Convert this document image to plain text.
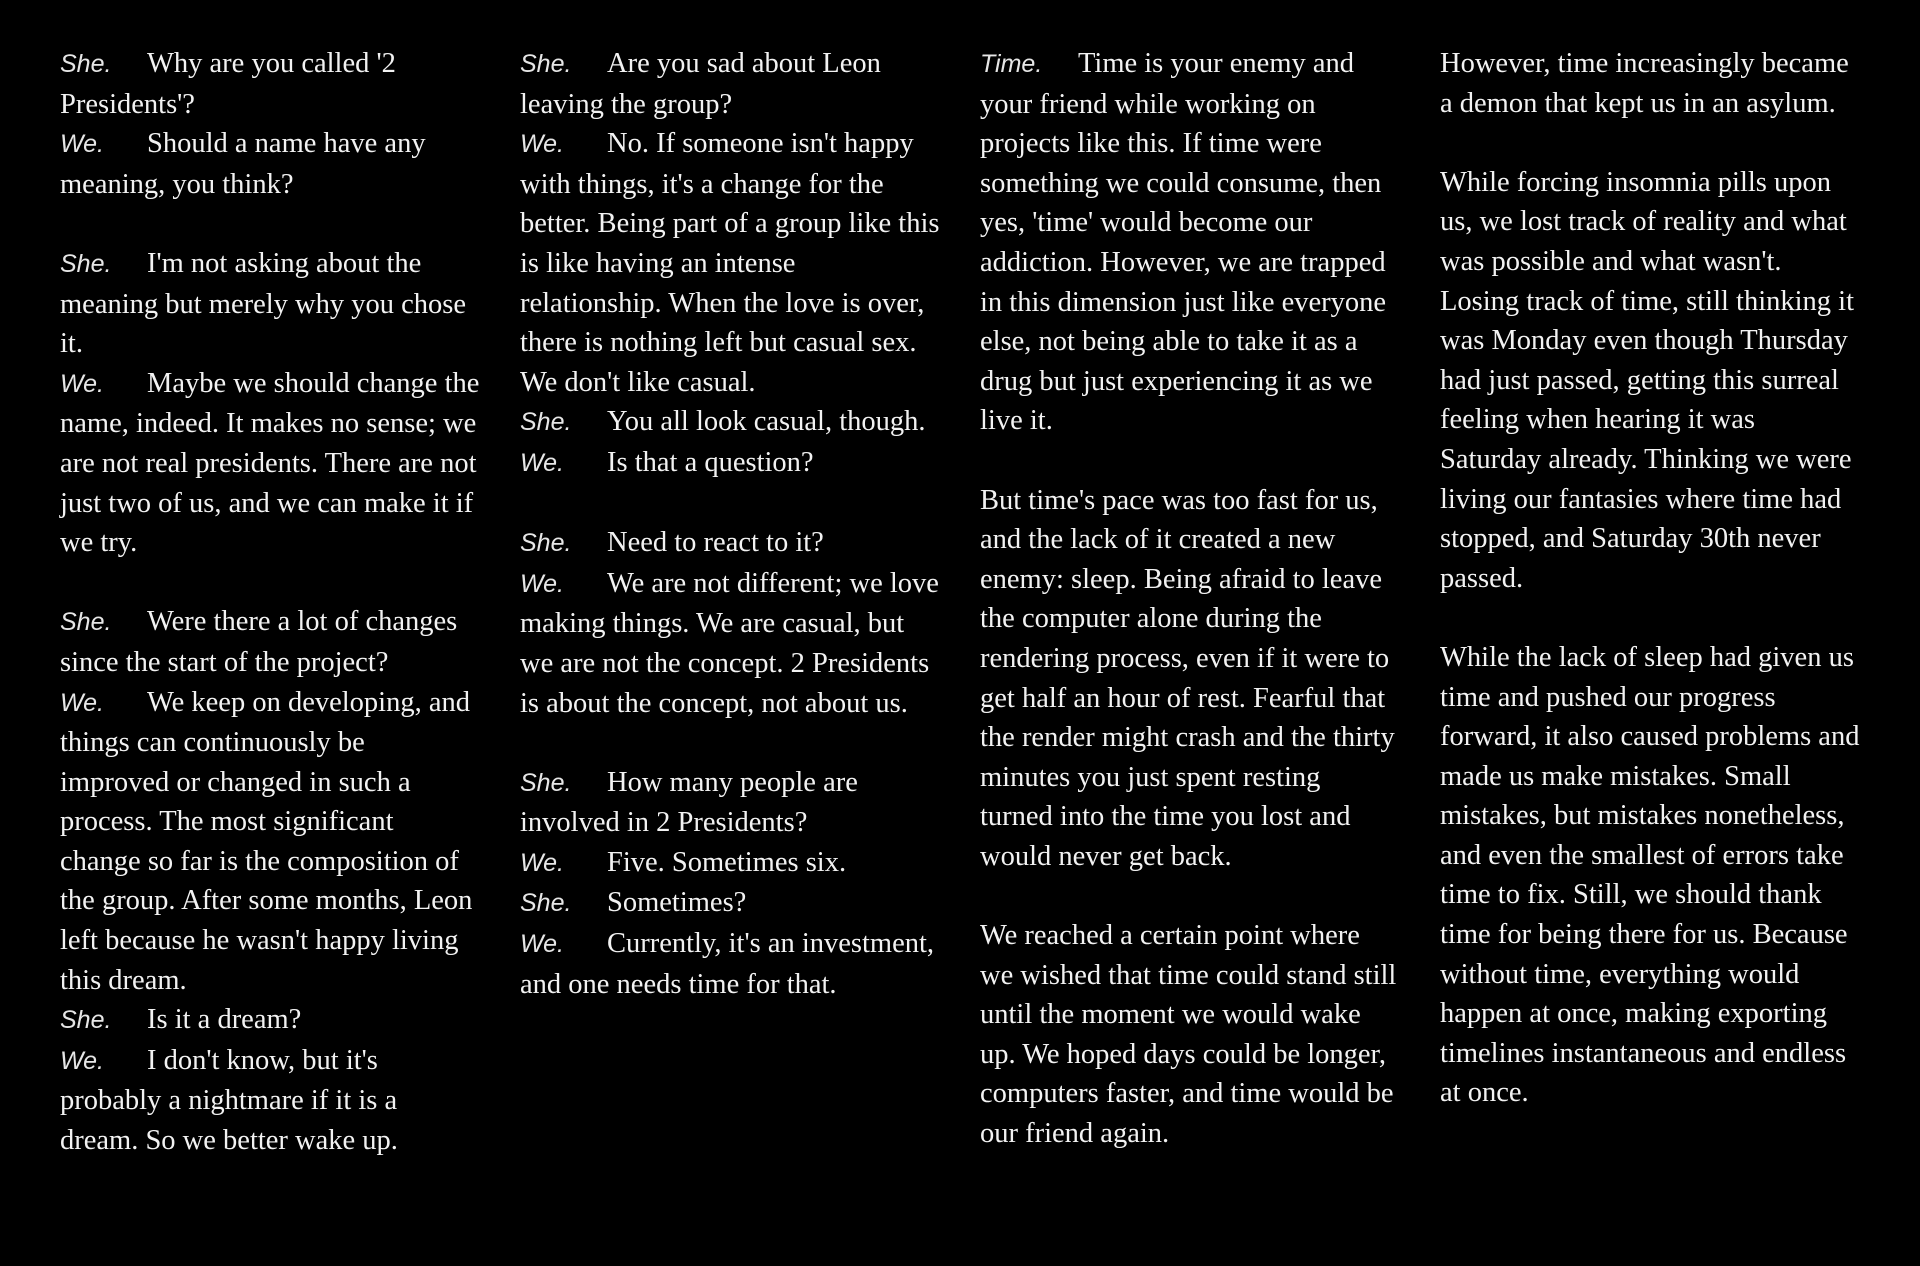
She. Why are you called '2 Presidents'?

We. Should a name have any meaning, you think?

She. I'm not asking about the meaning but merely why you chose it.

We. Maybe we should change the name, indeed. It makes no sense; we are not real presidents. There are not just two of us, and we can make it if we try.

She. Were there a lot of changes since the start of the project?

We. We keep on developing, and things can continuously be improved or changed in such a process. The most significant change so far is the composition of the group. After some months, Leon left because he wasn't happy living this dream.

She. Is it a dream?

We. I don't know, but it's probably a nightmare if it is a dream. So we better wake up.

She. Are you sad about Leon leaving the group?

We. No. If someone isn't happy with things, it's a change for the better. Being part of a group like this is like having an intense relationship. When the love is over, there is nothing left but casual sex. We don't like casual.

She. You all look casual, though.

We. Is that a question?

She. Need to react to it?

We. We are not different; we love making things. We are casual, but we are not the concept. 2 Presidents is about the concept, not about us.

She. How many people are involved in 2 Presidents?

We. Five. Sometimes six.

She. Sometimes?

We. Currently, it's an investment, and one needs time for that.

Time. Time is your enemy and your friend while working on projects like this. If time were something we could consume, then yes, 'time' would become our addiction. However, we are trapped in this dimension just like everyone else, not being able to take it as a drug but just experiencing it as we live it.

But time's pace was too fast for us, and the lack of it created a new enemy: sleep. Being afraid to leave the computer alone during the rendering process, even if it were to get half an hour of rest. Fearful that the render might crash and the thirty minutes you just spent resting turned into the time you lost and would never get back.

We reached a certain point where we wished that time could stand still until the moment we would wake up. We hoped days could be longer, computers faster, and time would be our friend again.

However, time increasingly became a demon that kept us in an asylum.

While forcing insomnia pills upon us, we lost track of reality and what was possible and what wasn't. Losing track of time, still thinking it was Monday even though Thursday had just passed, getting this surreal feeling when hearing it was Saturday already. Thinking we were living our fantasies where time had stopped, and Saturday 30th never passed.

While the lack of sleep had given us time and pushed our progress forward, it also caused problems and made us make mistakes. Small mistakes, but mistakes nonetheless, and even the smallest of errors take time to fix. Still, we should thank time for being there for us. Because without time, everything would happen at once, making exporting timelines instantaneous and endless at once.
